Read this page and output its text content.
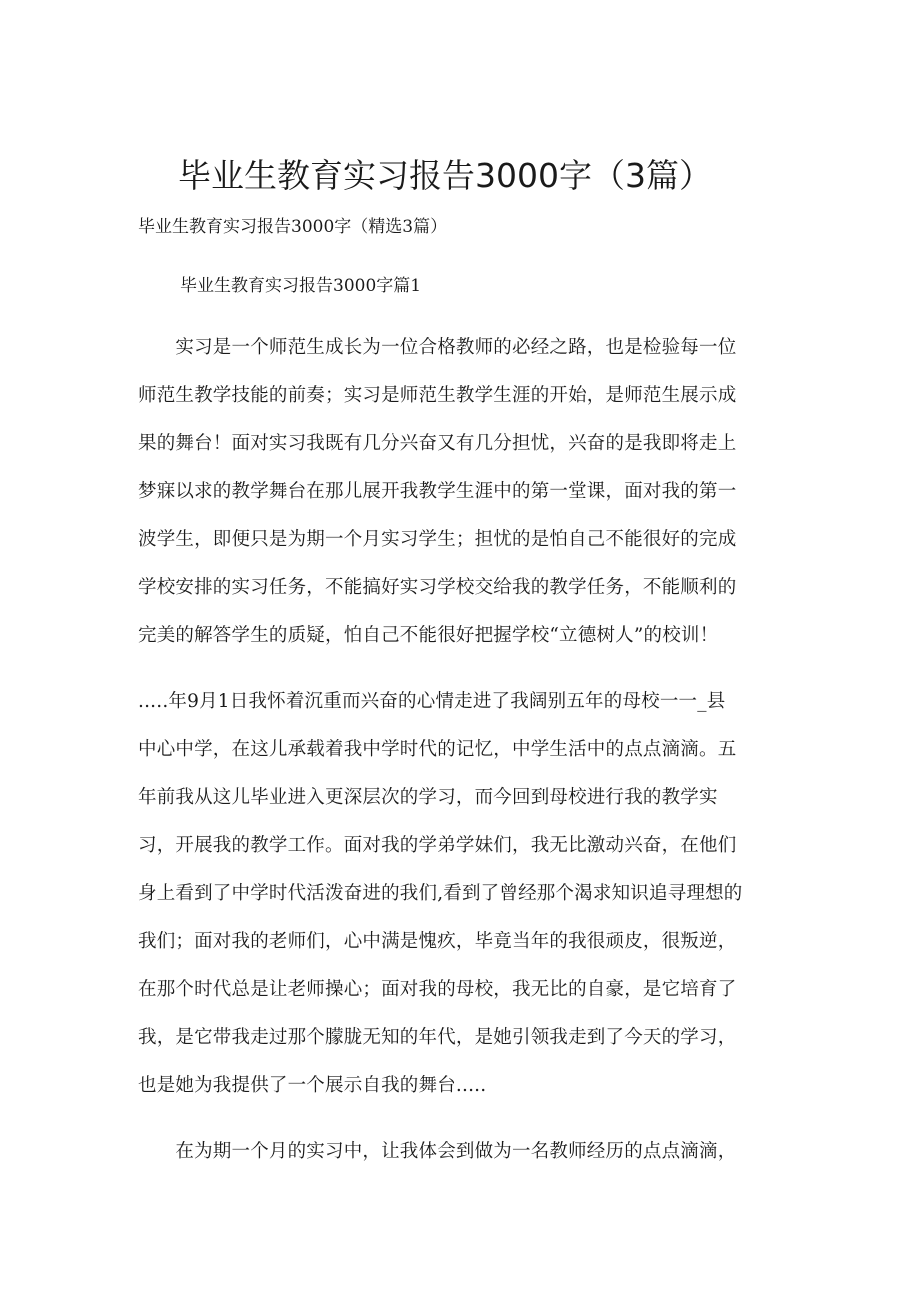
毕业生教育实习报告3000字（3篇）
毕业生教育实习报告3000字（精选3篇）
毕业生教育实习报告3000字篇1
　　实习是一个师范生成长为一位合格教师的必经之路，也是检验每一位
师范生教学技能的前奏；实习是师范生教学生涯的开始，是师范生展示成
果的舞台！面对实习我既有几分兴奋又有几分担忧，兴奋的是我即将走上
梦寐以求的教学舞台在那儿展开我教学生涯中的第一堂课，面对我的第一
波学生，即便只是为期一个月实习学生；担忧的是怕自己不能很好的完成
学校安排的实习任务，不能搞好实习学校交给我的教学任务，不能顺利的
完美的解答学生的质疑，怕自己不能很好把握学校“立德树人”的校训！
.....年9月1日我怀着沉重而兴奋的心情走进了我阔别五年的母校一一_县
中心中学，在这儿承载着我中学时代的记忆，中学生活中的点点滴滴。五
年前我从这儿毕业进入更深层次的学习，而今回到母校进行我的教学实
习，开展我的教学工作。面对我的学弟学妹们，我无比激动兴奋，在他们
身上看到了中学时代活泼奋进的我们,看到了曾经那个渴求知识追寻理想的
我们；面对我的老师们，心中满是愧疚，毕竟当年的我很顽皮，很叛逆，
在那个时代总是让老师操心；面对我的母校，我无比的自豪，是它培育了
我，是它带我走过那个朦胧无知的年代，是她引领我走到了今天的学习，
也是她为我提供了一个展示自我的舞台.....
　　在为期一个月的实习中，让我体会到做为一名教师经历的点点滴滴，
